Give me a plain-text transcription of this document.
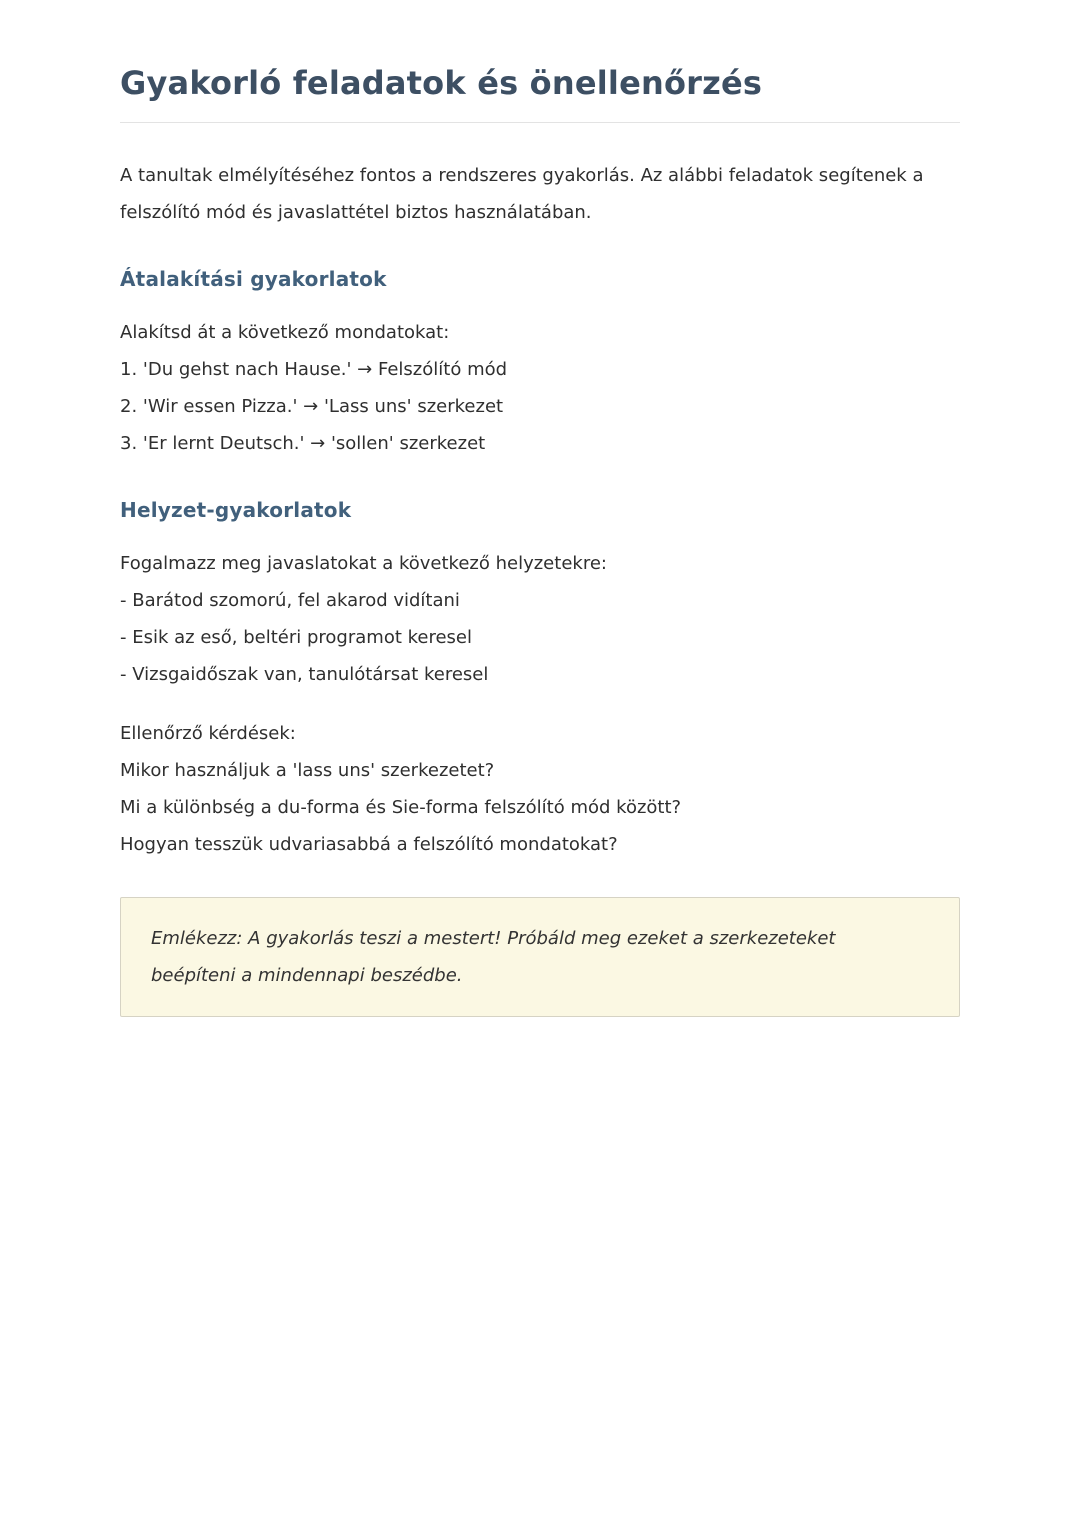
Gyakorló feladatok és önellenőrzés

A tanultak elmélyítéséhez fontos a rendszeres gyakorlás. Az alábbi feladatok segítenek a felszólító mód és javaslattétel biztos használatában.

Átalakítási gyakorlatok
Alakítsd át a következő mondatokat:
1. 'Du gehst nach Hause.' → Felszólító mód
2. 'Wir essen Pizza.' → 'Lass uns' szerkezet
3. 'Er lernt Deutsch.' → 'sollen' szerkezet
Helyzet-gyakorlatok
Fogalmazz meg javaslatokat a következő helyzetekre:
- Barátod szomorú, fel akarod vidítani
- Esik az eső, beltéri programot keresel
- Vizsgaidőszak van, tanulótársat keresel
Ellenőrző kérdések:
Mikor használjuk a 'lass uns' szerkezetet?
Mi a különbség a du-forma és Sie-forma felszólító mód között?
Hogyan tesszük udvariasabbá a felszólító mondatokat?

Emlékezz: A gyakorlás teszi a mestert! Próbáld meg ezeket a szerkezeteket beépíteni a mindennapi beszédbe.
